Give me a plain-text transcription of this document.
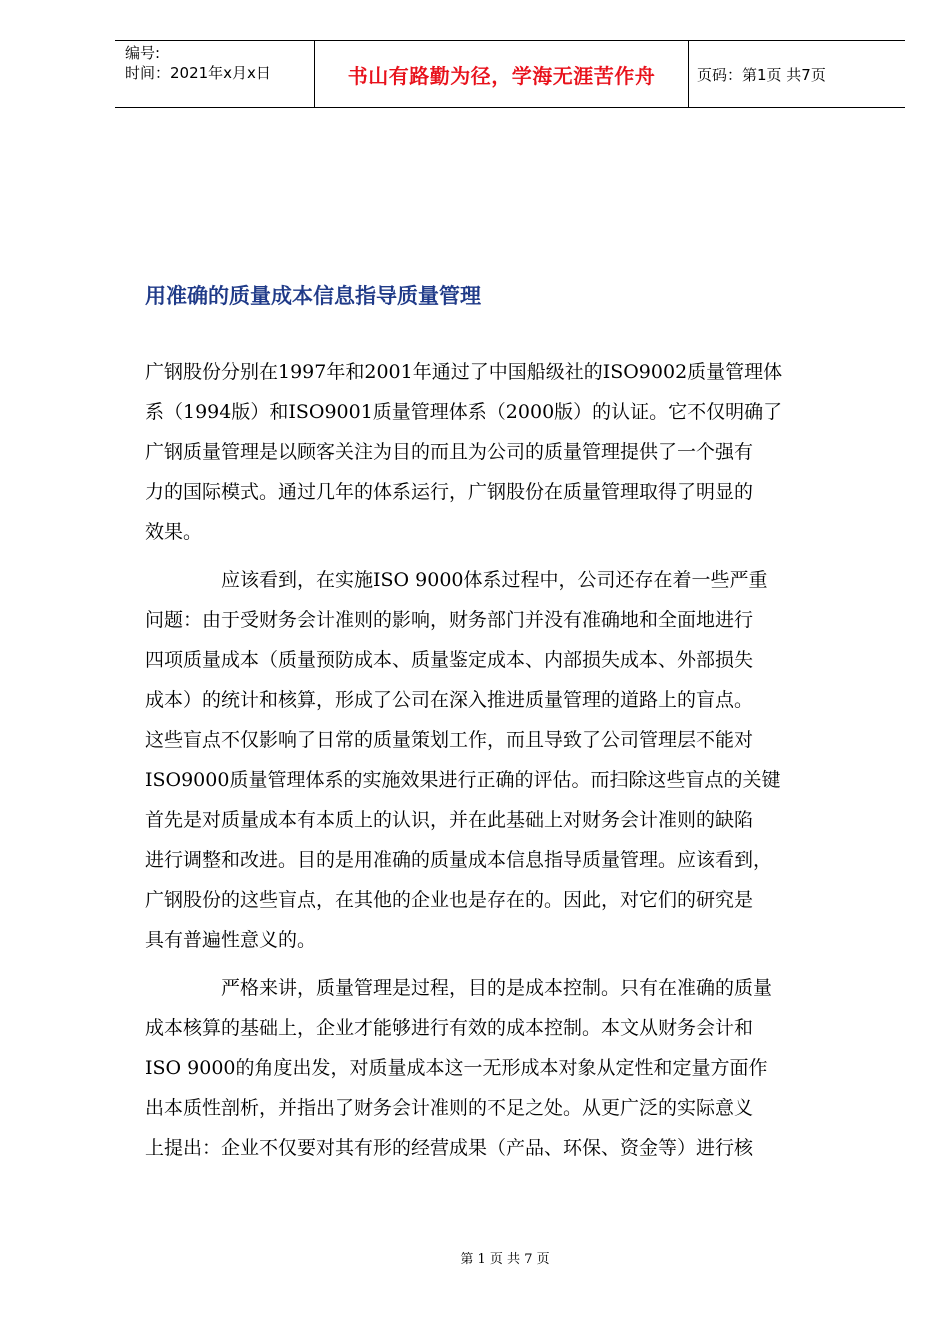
编号:
时间：2021年x月x日	书山有路勤为径，学海无涯苦作舟	页码：第1页 共7页
用准确的质量成本信息指导质量管理
广钢股份分别在1997年和2001年通过了中国船级社的ISO9002质量管理体
系（1994版）和ISO9001质量管理体系（2000版）的认证。它不仅明确了
广钢质量管理是以顾客关注为目的而且为公司的质量管理提供了一个强有
力的国际模式。通过几年的体系运行，广钢股份在质量管理取得了明显的
效果。
应该看到，在实施ISO 9000体系过程中，公司还存在着一些严重
问题：由于受财务会计准则的影响，财务部门并没有准确地和全面地进行
四项质量成本（质量预防成本、质量鉴定成本、内部损失成本、外部损失
成本）的统计和核算，形成了公司在深入推进质量管理的道路上的盲点。
这些盲点不仅影响了日常的质量策划工作，而且导致了公司管理层不能对
ISO9000质量管理体系的实施效果进行正确的评估。而扫除这些盲点的关键
首先是对质量成本有本质上的认识，并在此基础上对财务会计准则的缺陷
进行调整和改进。目的是用准确的质量成本信息指导质量管理。应该看到，
广钢股份的这些盲点，在其他的企业也是存在的。因此，对它们的研究是
具有普遍性意义的。
严格来讲，质量管理是过程，目的是成本控制。只有在准确的质量
成本核算的基础上，企业才能够进行有效的成本控制。本文从财务会计和
ISO 9000的角度出发，对质量成本这一无形成本对象从定性和定量方面作
出本质性剖析，并指出了财务会计准则的不足之处。从更广泛的实际意义
上提出：企业不仅要对其有形的经营成果（产品、环保、资金等）进行核
第 1 页 共 7 页
